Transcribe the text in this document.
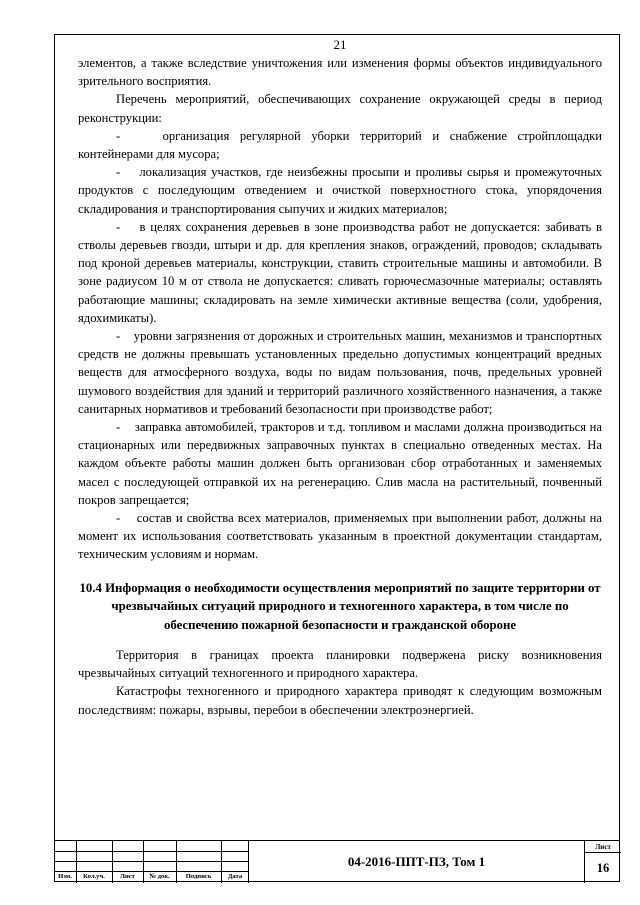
21
элементов, а также вследствие уничтожения или изменения формы объектов индивидуального зрительного восприятия.
Перечень мероприятий, обеспечивающих сохранение окружающей среды в период реконструкции:
-    организация регулярной уборки территорий и снабжение стройплощадки контейнерами для мусора;
-    локализация участков, где неизбежны просыпи и проливы сырья и промежуточных продуктов с последующим отведением и очисткой поверхностного стока, упорядочения складирования и транспортирования сыпучих и жидких материалов;
-    в целях сохранения деревьев в зоне производства работ не допускается: забивать в стволы деревьев гвозди, штыри и др. для крепления знаков, ограждений, проводов; складывать под кроной деревьев материалы, конструкции, ставить строительные машины и автомобили. В зоне радиусом 10 м от ствола не допускается: сливать горючесмазочные материалы; оставлять работающие машины; складировать на земле химически активные вещества (соли, удобрения, ядохимикаты).
-    уровни загрязнения от дорожных и строительных машин, механизмов и транспортных средств не должны превышать установленных предельно допустимых концентраций вредных веществ для атмосферного воздуха, воды по видам пользования, почв, предельных уровней шумового воздействия для зданий и территорий различного хозяйственного назначения, а также санитарных нормативов и требований безопасности при производстве работ;
-    заправка автомобилей, тракторов и т.д. топливом и маслами должна производиться на стационарных или передвижных заправочных пунктах в специально отведенных местах. На каждом объекте работы машин должен быть организован сбор отработанных и заменяемых масел с последующей отправкой их на регенерацию. Слив масла на растительный, почвенный покров запрещается;
-    состав и свойства всех материалов, применяемых при выполнении работ, должны на момент их использования соответствовать указанным в проектной документации стандартам, техническим условиям и нормам.
10.4 Информация о необходимости осуществления мероприятий по защите территории от чрезвычайных ситуаций природного и техногенного характера, в том числе по обеспечению пожарной безопасности и гражданской обороне
Территория в границах проекта планировки подвержена риску возникновения чрезвычайных ситуаций техногенного и природного характера.
Катастрофы техногенного и природного характера приводят к следующим возможным последствиям: пожары, взрывы, перебои в обеспечении электроэнергией.
Изм.	Кол.уч.	Лист	№ док.	Подпись	Дата
04-2016-ППТ-ПЗ, Том 1
Лист
16
